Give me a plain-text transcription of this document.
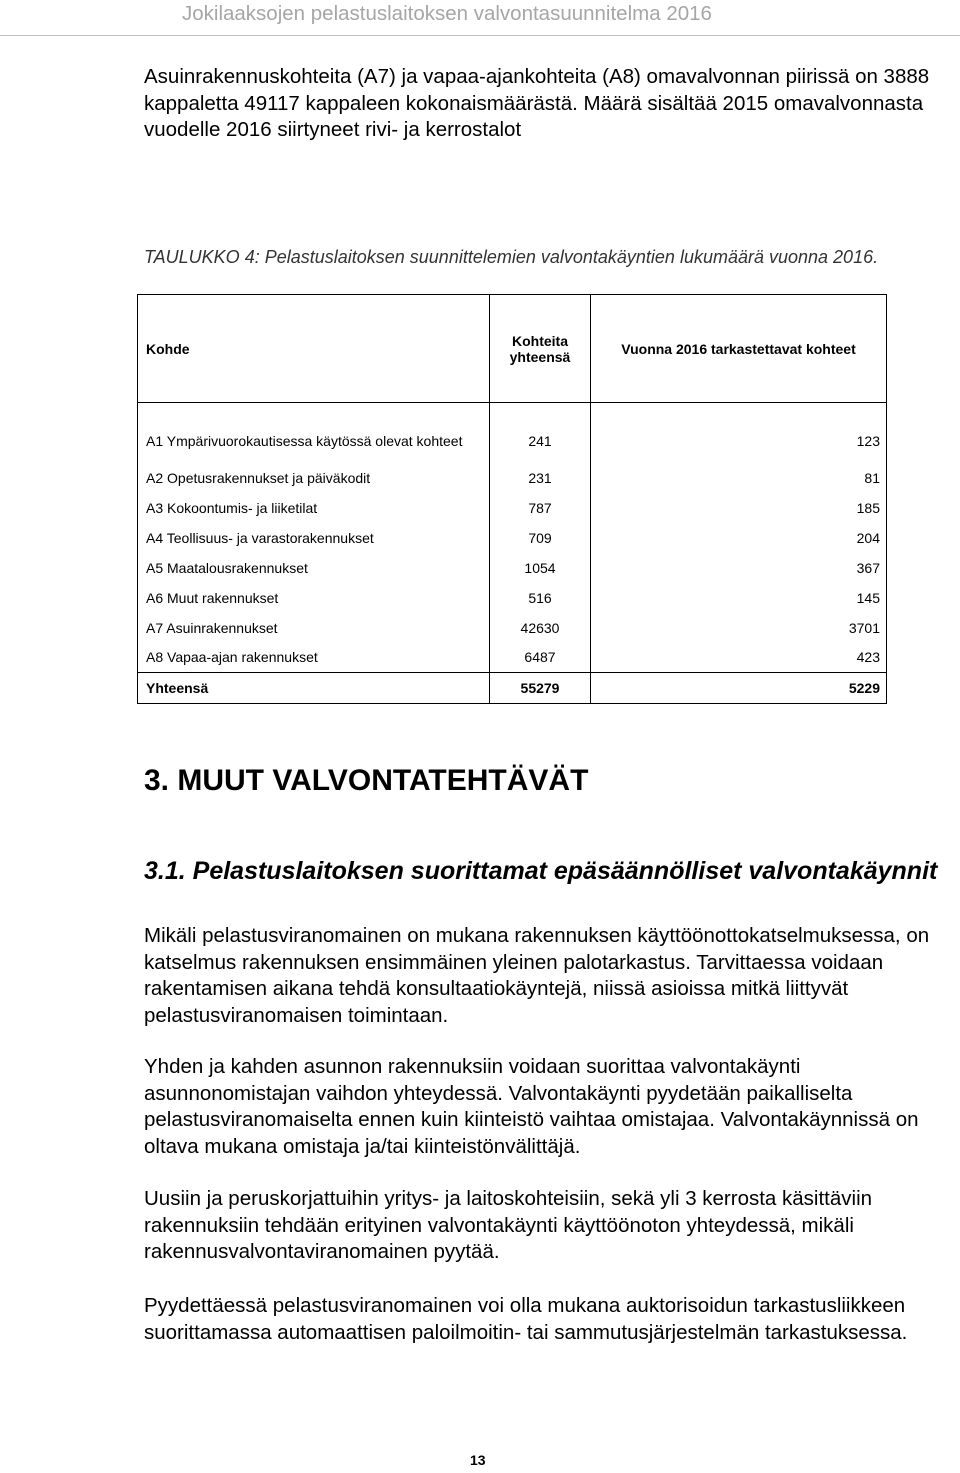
Jokilaaksojen pelastuslaitoksen valvontasuunnitelma 2016

Asuinrakennuskohteita (A7) ja vapaa-ajankohteita (A8) omavalvonnan piirissä on 3888 kappaletta 49117 kappaleen kokonaismäärästä. Määrä sisältää 2015 omavalvonnasta vuodelle 2016 siirtyneet rivi- ja kerrostalot

TAULUKKO 4: Pelastuslaitoksen suunnittelemien valvontakäyntien lukumäärä vuonna 2016.
Kohde	Kohteita yhteensä	Vuonna 2016 tarkastettavat kohteet
A1 Ympärivuorokautisessa käytössä olevat kohteet	241	123
A2 Opetusrakennukset ja päiväkodit	231	81
A3 Kokoontumis- ja liiketilat	787	185
A4 Teollisuus- ja varastorakennukset	709	204
A5 Maatalousrakennukset	1054	367
A6 Muut rakennukset	516	145
A7 Asuinrakennukset	42630	3701
A8 Vapaa-ajan rakennukset	6487	423
Yhteensä	55279	5229
3. MUUT VALVONTATEHTÄVÄT
3.1. Pelastuslaitoksen suorittamat epäsäännölliset valvontakäynnit

Mikäli pelastusviranomainen on mukana rakennuksen käyttöönottokatselmuksessa, on katselmus rakennuksen ensimmäinen yleinen palotarkastus. Tarvittaessa voidaan rakentamisen aikana tehdä konsultaatiokäyntejä, niissä asioissa mitkä liittyvät pelastusviranomaisen toimintaan.

Yhden ja kahden asunnon rakennuksiin voidaan suorittaa valvontakäynti asunnonomistajan vaihdon yhteydessä. Valvontakäynti pyydetään paikalliselta pelastusviranomaiselta ennen kuin kiinteistö vaihtaa omistajaa. Valvontakäynnissä on oltava mukana omistaja ja/tai kiinteistönvälittäjä.

Uusiin ja peruskorjattuihin yritys- ja laitoskohteisiin, sekä yli 3 kerrosta käsittäviin rakennuksiin tehdään erityinen valvontakäynti käyttöönoton yhteydessä, mikäli rakennusvalvontaviranomainen pyytää.

Pyydettäessä pelastusviranomainen voi olla mukana auktorisoidun tarkastusliikkeen suorittamassa automaattisen paloilmoitin- tai sammutusjärjestelmän tarkastuksessa.

13
